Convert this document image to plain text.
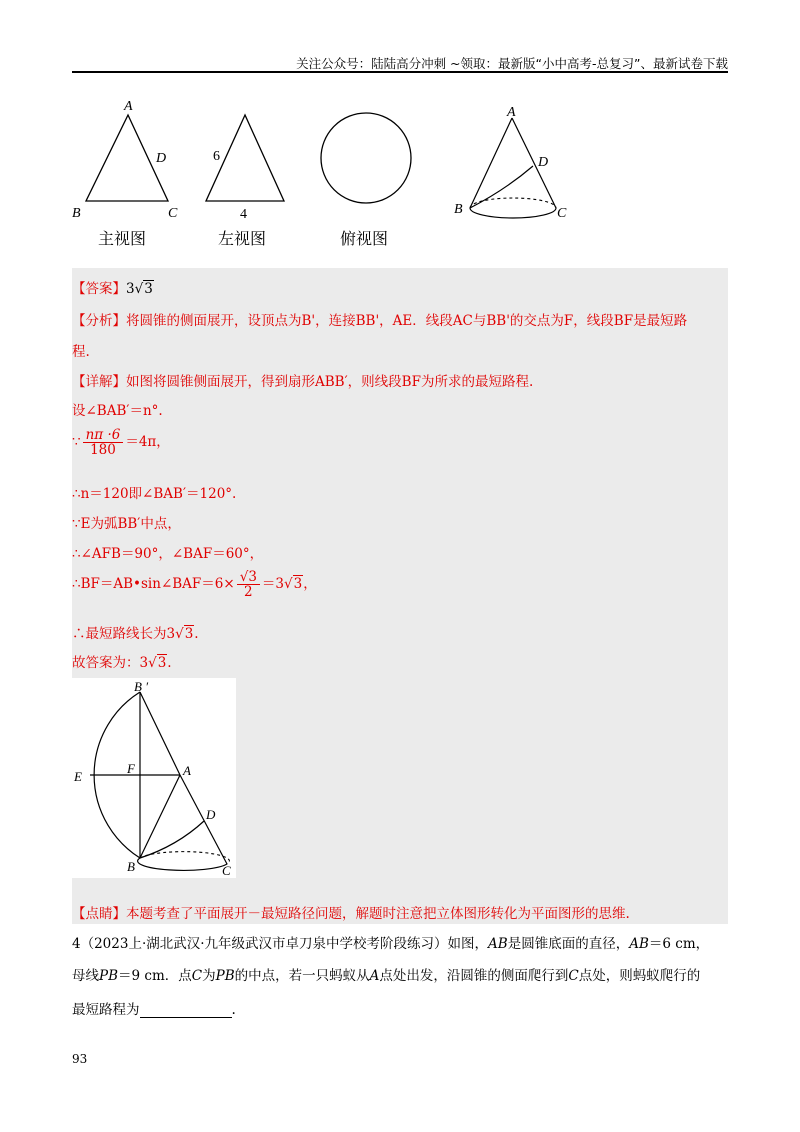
关注公众号：陆陆高分冲刺 ~领取：最新版“小中高考-总复习”、最新试卷下载
A
D
B	C
主视图
6
4
左视图	俯视图
A
D
B	C
【答案】3√3
【分析】将圆锥的侧面展开，设顶点为B'，连接BB'，AE．线段AC与BB'的交点为F，线段BF是最短路
程.
【详解】如图将圆锥侧面展开，得到扇形ABB′，则线段BF为所求的最短路程.
设∠BAB′＝n°.
∵ $\frac{n\pi \cdot 6}{180} =4\pi$，
∴n＝120即∠BAB′＝120°.
∵E为弧BB′中点，
∴∠AFB＝90°，∠BAF＝60°，
∴BF＝AB•sin∠BAF＝6× $\frac{√3}{2} =3√3$，
∴最短路线长为3√3.
故答案为：3√3.
B ′
E
F	A
D
B	C
【点睛】本题考查了平面展开－最短路径问题，解题时注意把立体图形转化为平面图形的思维.
4（2023上·湖北武汉·九年级武汉市卓刀泉中学校考阶段练习）如图，AB是圆锥底面的直径，AB＝6 cm，
母线PB＝9 cm．点C为PB的中点，若一只蚂蚁从A点处出发，沿圆锥的侧面爬行到C点处，则蚂蚁爬行的
最短路程为	.
93
